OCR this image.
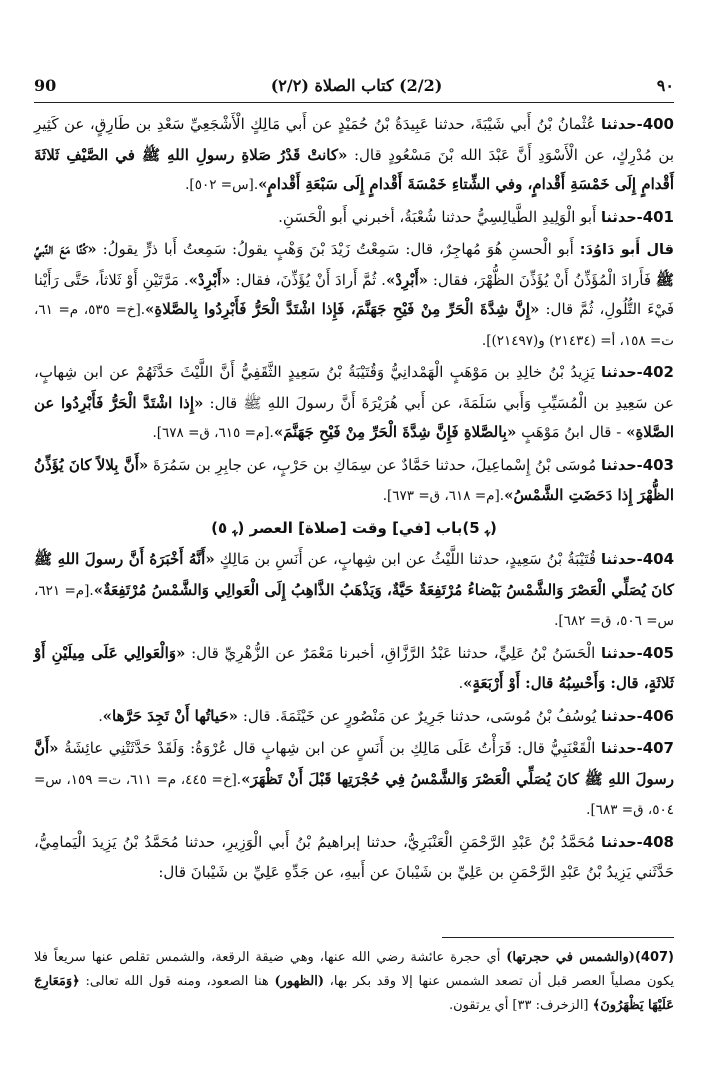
90	(2/2) كتاب الصلاة (٢/٢)	٩٠

400-حدثنا عُثْمانُ بْنُ أَبي شَيْبَةَ، حدثنا عَبِيدَةُ بْنُ حُمَيْدٍ عن أَبي مَالِكٍ الْأَشْجَعِيِّ سَعْدِ بن طَارِقٍ، عن كَثِيرِ بن مُدْرِكٍ، عن الْأَسْوَدِ أَنَّ عَبْدَ الله بْنَ مَسْعُودٍ قال: «كانتْ قَدْرُ صَلاةِ رسولِ اللهِ ﷺ في الصَّيْفِ ثَلاثَةَ أَقْدامٍ إِلَى خَمْسَةِ أَقْدامٍ، وفي الشِّتاءِ خَمْسَةَ أَقْدامٍ إِلَى سَبْعَةِ أَقْدامٍ».[س= ٥٠٢].

401-حدثنا أَبو الْوَلِيدِ الطَّيالِسِيُّ حدثنا شُعْبَةُ، أخبرني أَبو الْحَسَنِ.

قال أَبو دَاوُدَ: أَبو الْحسنِ هُوَ مُهاجِرٌ، قال: سَمِعْتُ زَيْدَ بْنَ وَهْبٍ يقولُ: سَمِعتُ أَبا ذرٍّ يقولُ: «كُنَّا مَعَ النَّبيِّ ﷺ فَأَرادَ الْمُؤَذِّنُ أَنْ يُؤَذِّنَ الظُّهْرَ، فقال: «أَبْرِدْ». ثُمَّ أَرادَ أَنْ يُؤَذِّنَ، فقال: «أَبْرِدْ». مَرَّتَيْنِ أَوْ ثَلاثاً، حَتَّى رَأَيْنا فَيْءَ التُّلُولِ، ثُمَّ قال: «إِنَّ شِدَّةَ الْحَرِّ مِنْ فَيْحِ جَهَنَّمَ، فَإِذا اشْتَدَّ الْحَرُّ فَأَبْرِدُوا بِالصَّلاةِ».[خ= ٥٣٥، م= ٦١، ت= ١٥٨، أ= (٢١٤٣٤) و(٢١٤٩٧)].

402-حدثنا يَزِيدُ بْنُ خالِدِ بن مَوْهَبٍ الْهَمْدانِيُّ وَقُتَيْبَةُ بْنُ سَعِيدٍ الثَّقَفِيُّ أَنَّ اللَّيْثَ حَدَّثَهُمْ عن ابن شِهابٍ، عن سَعِيدِ بن الْمُسَيِّبِ وَأَبي سَلَمَةَ، عن أَبي هُرَيْرَةَ أَنَّ رسولَ اللهِ ﷺ قال: «إِذا اشْتَدَّ الْحَرُّ فَأَبْرِدُوا عن الصَّلاةِ» - قال ابنُ مَوْهَبٍ «بِالصَّلاةِ فَإِنَّ شِدَّةَ الْحَرِّ مِنْ فَيْحِ جَهَنَّمَ».[م= ٦١٥، ق= ٦٧٨].

403-حدثنا مُوسَى بْنُ إِسْماعِيلَ، حدثنا حَمَّادٌ عن سِمَاكِ بن حَرْبٍ، عن جابِرِ بن سَمُرَةَ «أَنَّ بِلالاً كانَ يُؤَذِّنُ الظُّهْرَ إِذا دَحَضَتِ الشَّمْسُ».[م= ٦١٨، ق= ٦٧٣].

(ﮩ 5)باب [في] وقت [صلاة] العصر (ﮩ ٥)

404-حدثنا قُتَيْبَةُ بْنُ سَعِيدٍ، حدثنا اللَّيْثُ عن ابن شِهابٍ، عن أَنَسِ بن مَالِكٍ «أَنَّهُ أَخْبَرَهُ أَنَّ رسولَ اللهِ ﷺ كانَ يُصَلِّي الْعَصْرَ وَالشَّمْسُ بَيْضاءُ مُرْتَفِعَةٌ حَيَّةٌ، وَيَذْهَبُ الذَّاهِبُ إِلَى الْعَوالِي وَالشَّمْسُ مُرْتَفِعَةٌ».[م= ٦٢١، س= ٥٠٦، ق= ٦٨٢].

405-حدثنا الْحَسَنُ بْنُ عَلِيٍّ، حدثنا عَبْدُ الرَّزَّاقِ، أخبرنا مَعْمَرٌ عن الزُّهْرِيِّ قال: «وَالْعَوالِي عَلَى مِيلَيْنِ أَوْ ثَلاثَةٍ، قال: وَأَحْسِبُهُ قال: أَوْ أَرْبَعَةٍ».

406-حدثنا يُوسُفُ بْنُ مُوسَى، حدثنا جَرِيرٌ عن مَنْصُورٍ عن خَيْثَمَةَ. قال: «حَياتُها أَنْ تَجِدَ حَرَّها».

407-حدثنا الْقَعْنَبِيُّ قال: قَرَأْتُ عَلَى مَالِكِ بن أَنَسٍ عن ابن شِهابٍ قال عُرْوَةُ: وَلَقَدْ حَدَّثَتْنِي عائِشَةُ «أَنَّ رسولَ اللهِ ﷺ كانَ يُصَلِّي الْعَصْرَ وَالشَّمْسُ فِي حُجْرَتِها قَبْلَ أَنْ تَظْهَرَ».[خ= ٤٤٥، م= ٦١١، ت= ١٥٩، س= ٥٠٤، ق= ٦٨٣].

408-حدثنا مُحَمَّدُ بْنُ عَبْدِ الرَّحْمَنِ الْعَنْبَرِيُّ، حدثنا إبراهيمُ بْنُ أَبي الْوَزِيرِ، حدثنا مُحَمَّدُ بْنُ يَزِيدَ الْيَمامِيُّ، حَدَّثَني يَزِيدُ بْنُ عَبْدِ الرَّحْمَنِ بن عَلِيِّ بن شَيْبانَ عن أَبيهِ، عن جَدِّهِ عَلِيِّ بن شَيْبانَ قال:

(407)(والشمس في حجرتها) أي حجرة عائشة رضي الله عنها، وهي ضيقة الرقعة، والشمس تقلص عنها سريعاً فلا يكون مصلياً العصر قبل أن تصعد الشمس عنها إلا وقد بكر بها، (الظهور) هنا الصعود، ومنه قول الله تعالى: ﴿وَمَعَارِجَ عَلَيْهَا يَظْهَرُونَ﴾ [الزخرف: ٣٣] أي يرتقون.
